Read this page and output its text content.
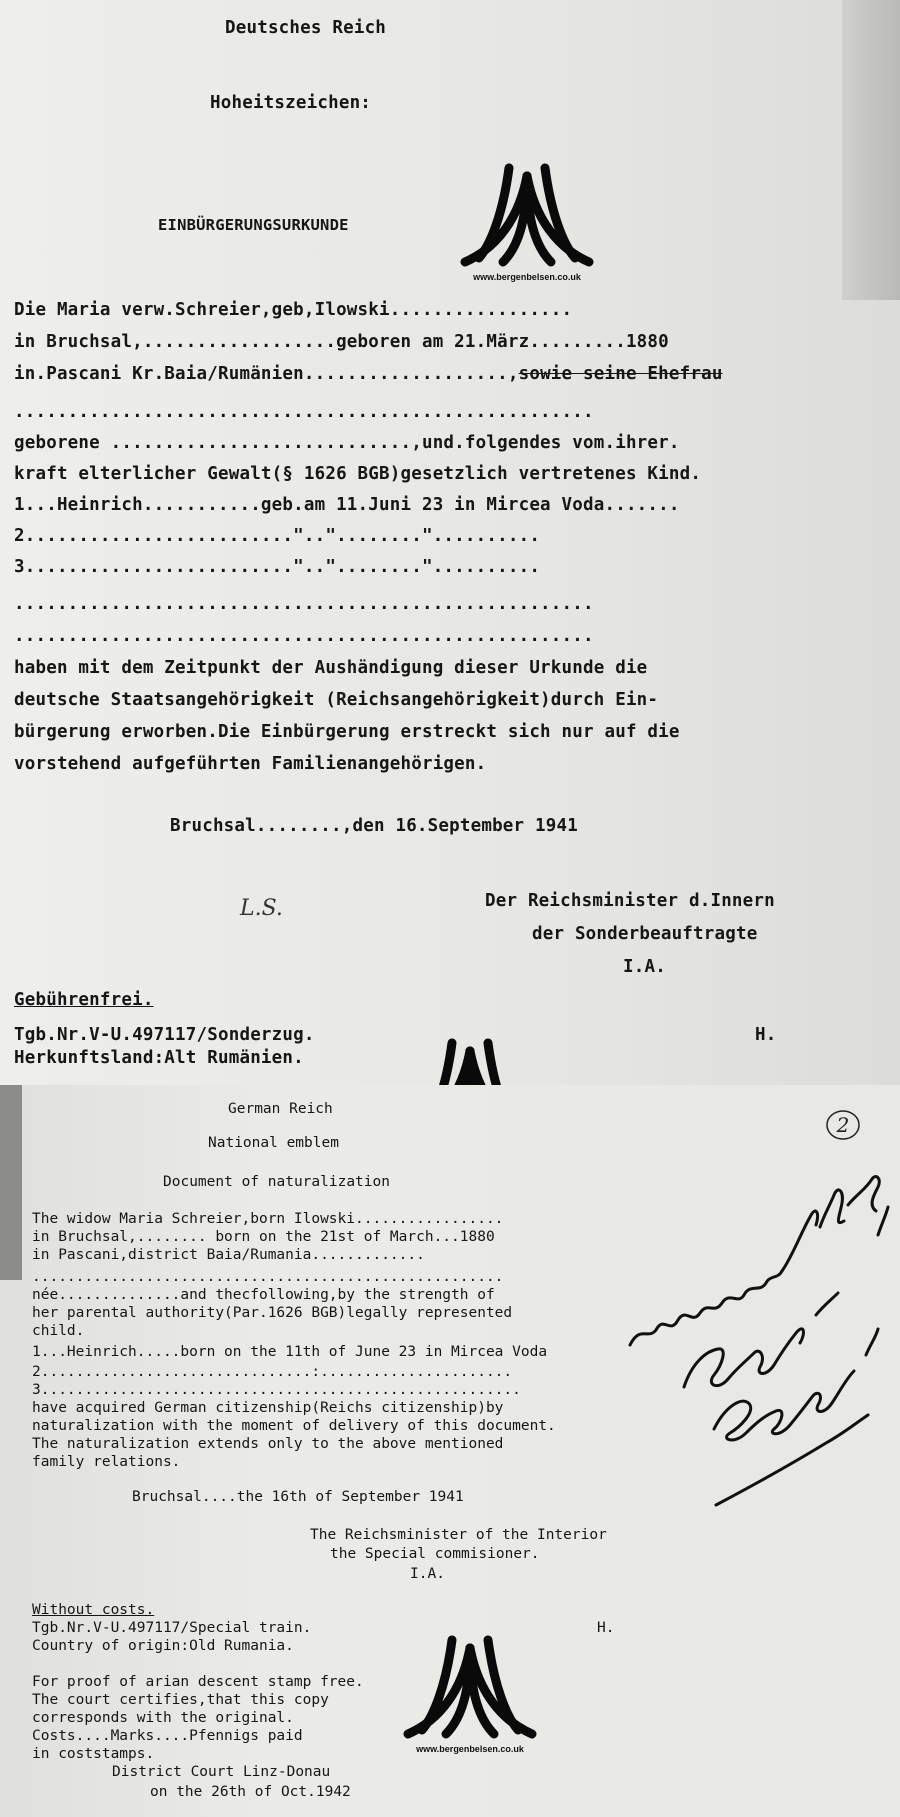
Deutsches Reich
Hoheitszeichen:
EINBÜRGERUNGSURKUNDE
www.bergenbelsen.co.uk
Die Maria verw.Schreier,geb,Ilowski.................
in Bruchsal,..................geboren am 21.März.........1880
in.Pascani Kr.Baia/Rumänien...................,sowie seine Ehefrau
......................................................
geborene ............................,und.folgendes vom.ihrer.
kraft elterlicher Gewalt(§ 1626 BGB)gesetzlich vertretenes Kind.
1...Heinrich...........geb.am 11.Juni 23 in Mircea Voda.......
2.........................".."........"..........
3.........................".."........"..........
......................................................
......................................................
haben mit dem Zeitpunkt der Aushändigung dieser Urkunde die
deutsche Staatsangehörigkeit (Reichsangehörigkeit)durch Ein-
bürgerung erworben.Die Einbürgerung erstreckt sich nur auf die
vorstehend aufgeführten Familienangehörigen.
Bruchsal........,den 16.September 1941
L.S.	Der Reichsminister d.Innern
der Sonderbeauftragte
I.A.
Gebührenfrei.
Tgb.Nr.V-U.497117/Sonderzug.	H.
Herkunftsland:Alt Rumänien.
German Reich
National emblem
Document of naturalization
The widow Maria Schreier,born Ilowski.................
in Bruchsal,........ born on the 21st of March...1880
in Pascani,district Baia/Rumania.............
......................................................
née..............and thecfollowing,by the strength of
her parental authority(Par.1626 BGB)legally represented
child.
1...Heinrich.....born on the 11th of June 23 in Mircea Voda
2...............................:......................
3.......................................................
have acquired German citizenship(Reichs citizenship)by
naturalization with the moment of delivery of this document.
The naturalization extends only to the above mentioned
family relations.
Bruchsal....the 16th of September 1941
The Reichsminister of the Interior
the Special commisioner.
I.A.
Without costs.
Tgb.Nr.V-U.497117/Special train.	H.
Country of origin:Old Rumania.
For proof of arian descent stamp free.
The court certifies,that this copy
corresponds with the original.
Costs....Marks....Pfennigs paid
in coststamps.
District Court Linz-Donau
on the 26th of Oct.1942
www.bergenbelsen.co.uk
2
